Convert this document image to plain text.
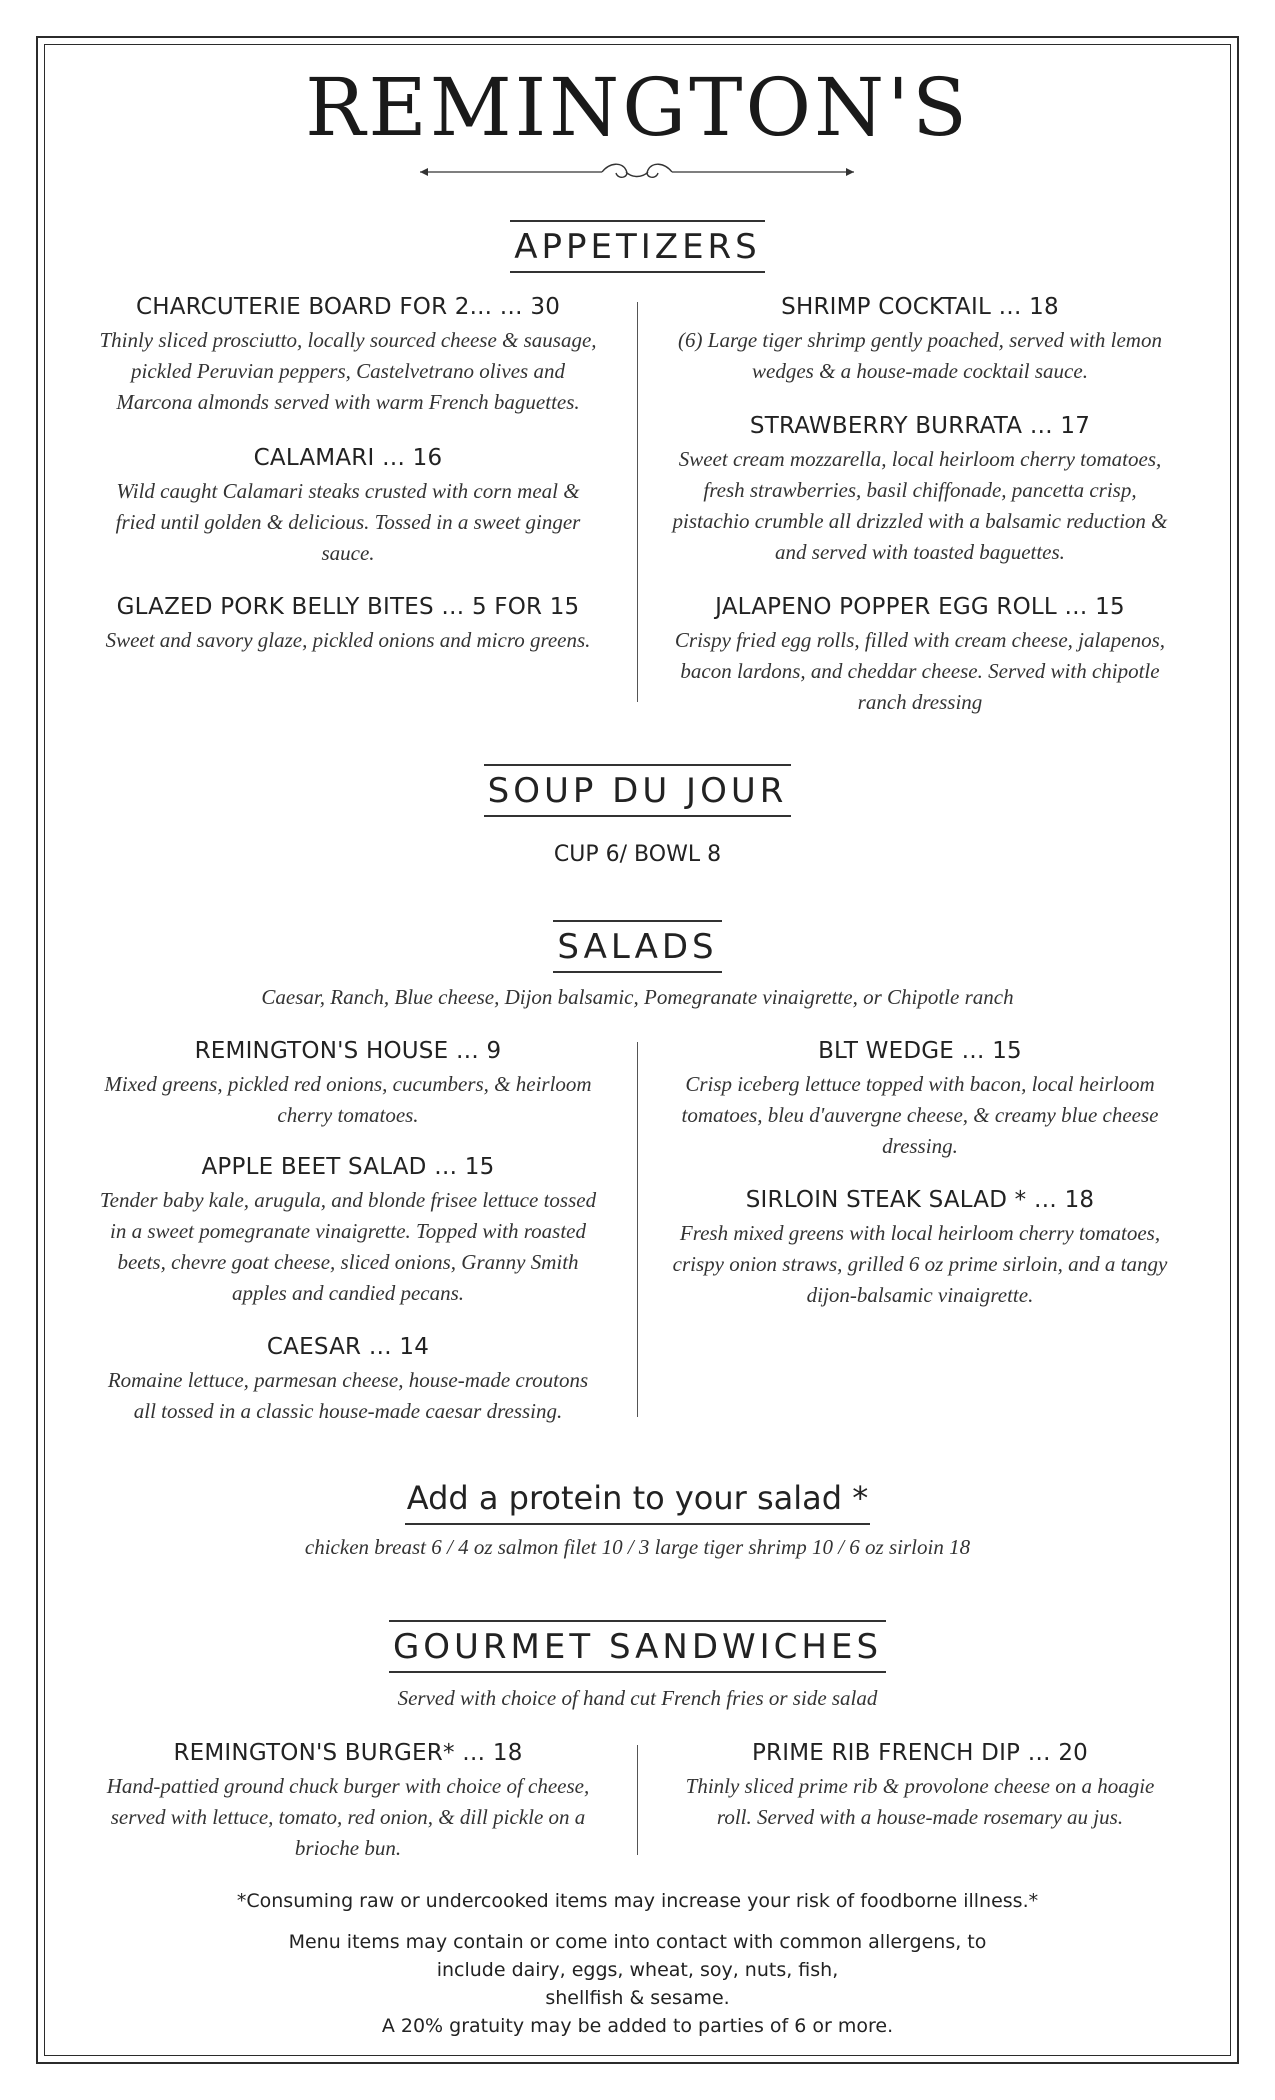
REMINGTON'S
APPETIZERS
CHARCUTERIE BOARD FOR 2... … 30
Thinly sliced prosciutto, locally sourced cheese & sausage, pickled Peruvian peppers, Castelvetrano olives and Marcona almonds served with warm French baguettes.
CALAMARI … 16
Wild caught Calamari steaks crusted with corn meal & fried until golden & delicious. Tossed in a sweet ginger sauce.
GLAZED PORK BELLY BITES … 5 FOR 15
Sweet and savory glaze, pickled onions and micro greens.
SHRIMP COCKTAIL … 18
(6) Large tiger shrimp gently poached, served with lemon wedges & a house-made cocktail sauce.
STRAWBERRY BURRATA … 17
Sweet cream mozzarella, local heirloom cherry tomatoes, fresh strawberries, basil chiffonade, pancetta crisp, pistachio crumble all drizzled with a balsamic reduction & and served with toasted baguettes.
JALAPENO POPPER EGG ROLL … 15
Crispy fried egg rolls, filled with cream cheese, jalapenos, bacon lardons, and cheddar cheese. Served with chipotle ranch dressing
SOUP DU JOUR
CUP 6/ BOWL 8
SALADS
Caesar, Ranch, Blue cheese, Dijon balsamic, Pomegranate vinaigrette, or Chipotle ranch
REMINGTON'S HOUSE … 9
Mixed greens, pickled red onions, cucumbers, & heirloom cherry tomatoes.
APPLE BEET SALAD … 15
Tender baby kale, arugula, and blonde frisee lettuce tossed in a sweet pomegranate vinaigrette. Topped with roasted beets, chevre goat cheese, sliced onions, Granny Smith apples and candied pecans.
CAESAR … 14
Romaine lettuce, parmesan cheese, house-made croutons all tossed in a classic house-made caesar dressing.
BLT WEDGE … 15
Crisp iceberg lettuce topped with bacon, local heirloom tomatoes, bleu d'auvergne cheese, & creamy blue cheese dressing.
SIRLOIN STEAK SALAD * … 18
Fresh mixed greens with local heirloom cherry tomatoes, crispy onion straws, grilled 6 oz prime sirloin, and a tangy dijon-balsamic vinaigrette.
Add a protein to your salad *
chicken breast 6 / 4 oz salmon filet 10 / 3 large tiger shrimp 10 / 6 oz sirloin 18
GOURMET SANDWICHES
Served with choice of hand cut French fries or side salad
REMINGTON'S BURGER* … 18
Hand-pattied ground chuck burger with choice of cheese, served with lettuce, tomato, red onion, & dill pickle on a brioche bun.
PRIME RIB FRENCH DIP … 20
Thinly sliced prime rib & provolone cheese on a hoagie roll. Served with a house-made rosemary au jus.
*Consuming raw or undercooked items may increase your risk of foodborne illness.*
Menu items may contain or come into contact with common allergens, to
include dairy, eggs, wheat, soy, nuts, fish,
shellfish & sesame.
A 20% gratuity may be added to parties of 6 or more.
